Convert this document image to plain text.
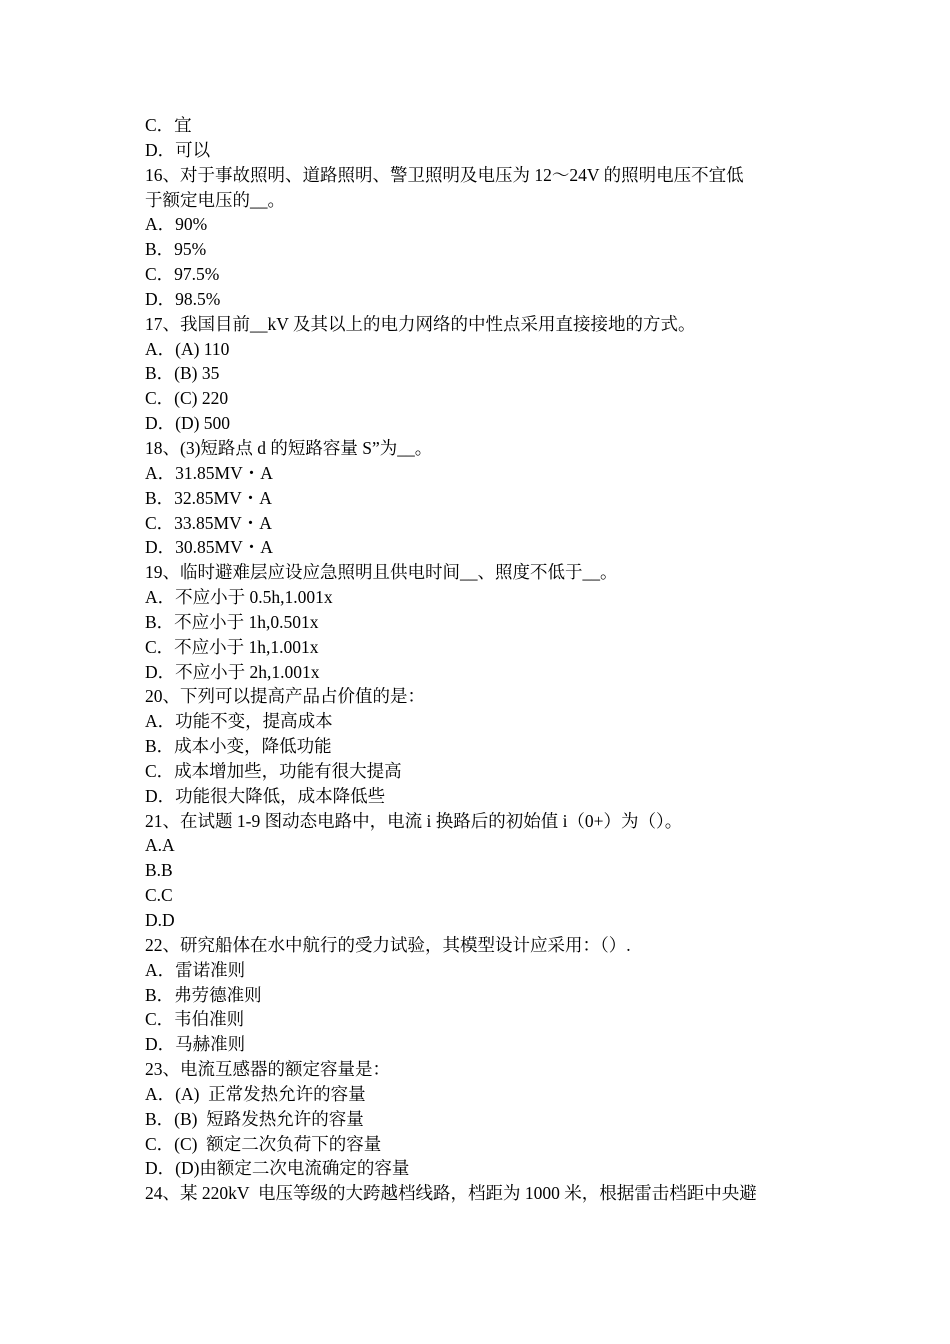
C．宜
D．可以
16、对于事故照明、道路照明、警卫照明及电压为 12～24V 的照明电压不宜低
于额定电压的__。
A．90%
B．95%
C．97.5%
D．98.5%
17、我国目前__kV 及其以上的电力网络的中性点采用直接接地的方式。
A．(A) 110
B．(B) 35
C．(C) 220
D．(D) 500
18、(3)短路点 d 的短路容量 S”为__。
A．31.85MV・A
B．32.85MV・A
C．33.85MV・A
D．30.85MV・A
19、临时避难层应设应急照明且供电时间__、照度不低于__。
A．不应小于 0.5h,1.001x
B．不应小于 1h,0.501x
C．不应小于 1h,1.001x
D．不应小于 2h,1.001x
20、下列可以提高产品占价值的是：
A．功能不变，提高成本
B．成本小变，降低功能
C．成本增加些，功能有很大提高
D．功能很大降低，成本降低些
21、在试题 1-9 图动态电路中，电流 i 换路后的初始值 i（0+）为（）。
A.A
B.B
C.C
D.D
22、研究船体在水中航行的受力试验，其模型设计应采用：（）.
A．雷诺准则
B．弗劳德准则
C．韦伯准则
D．马赫准则
23、电流互感器的额定容量是：
A．(A)  正常发热允许的容量
B．(B)  短路发热允许的容量
C．(C)  额定二次负荷下的容量
D．(D)由额定二次电流确定的容量
24、某 220kV  电压等级的大跨越档线路，档距为 1000 米，根据雷击档距中央避
